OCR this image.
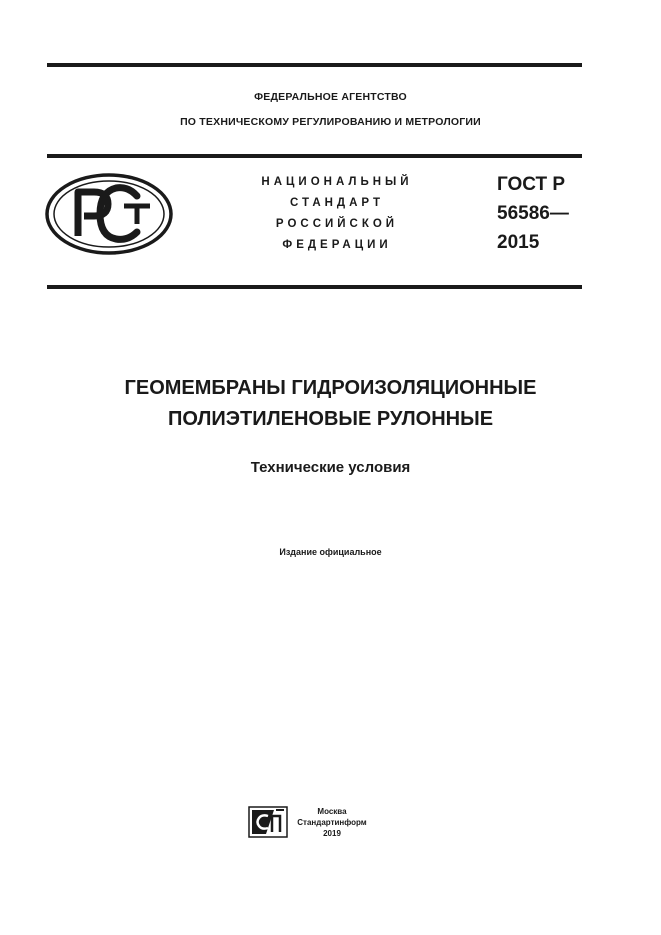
ФЕДЕРАЛЬНОЕ АГЕНТСТВО
ПО ТЕХНИЧЕСКОМУ РЕГУЛИРОВАНИЮ И МЕТРОЛОГИИ
НАЦИОНАЛЬНЫЙ
СТАНДАРТ
РОССИЙСКОЙ
ФЕДЕРАЦИИ
ГОСТ Р
56586—
2015
ГЕОМЕМБРАНЫ ГИДРОИЗОЛЯЦИОННЫЕ
ПОЛИЭТИЛЕНОВЫЕ РУЛОННЫЕ
Технические условия
Издание официальное
Москва
Стандартинформ
2019
